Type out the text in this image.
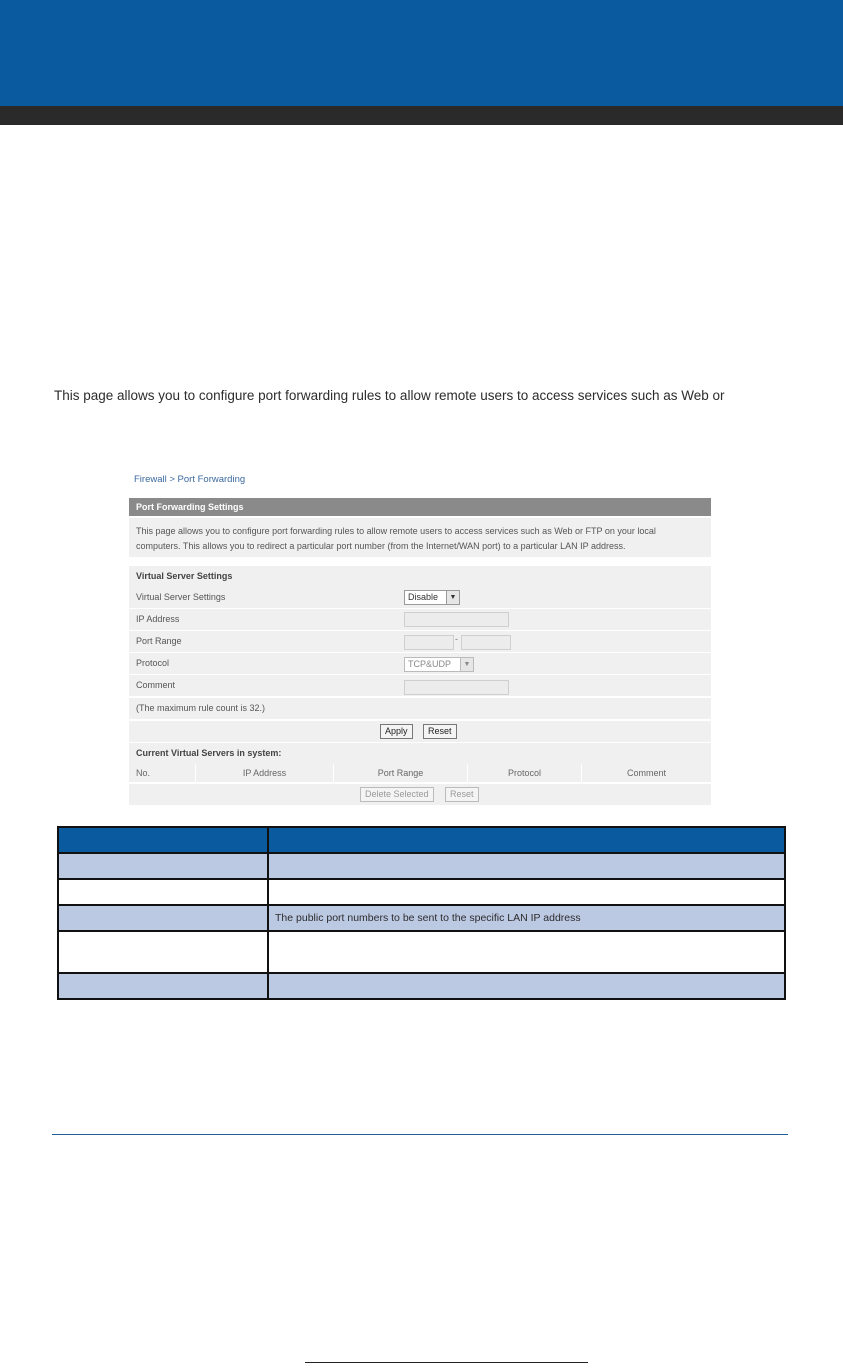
This page allows you to configure port forwarding rules to allow remote users to access services such as Web or
Firewall > Port Forwarding
Port Forwarding Settings
This page allows you to configure port forwarding rules to allow remote users to access services such as Web or FTP on your local
computers. This allows you to redirect a particular port number (from the Internet/WAN port) to a particular LAN IP address.
Virtual Server Settings
Virtual Server Settings	Disable	▼
IP Address
Port Range	-
Protocol	TCP&UDP	▼
Comment
(The maximum rule count is 32.)
Apply	Reset
Current Virtual Servers in system:
No.	IP Address	Port Range	Protocol	Comment
Delete Selected	Reset

	The public port numbers to be sent to the specific LAN IP address
